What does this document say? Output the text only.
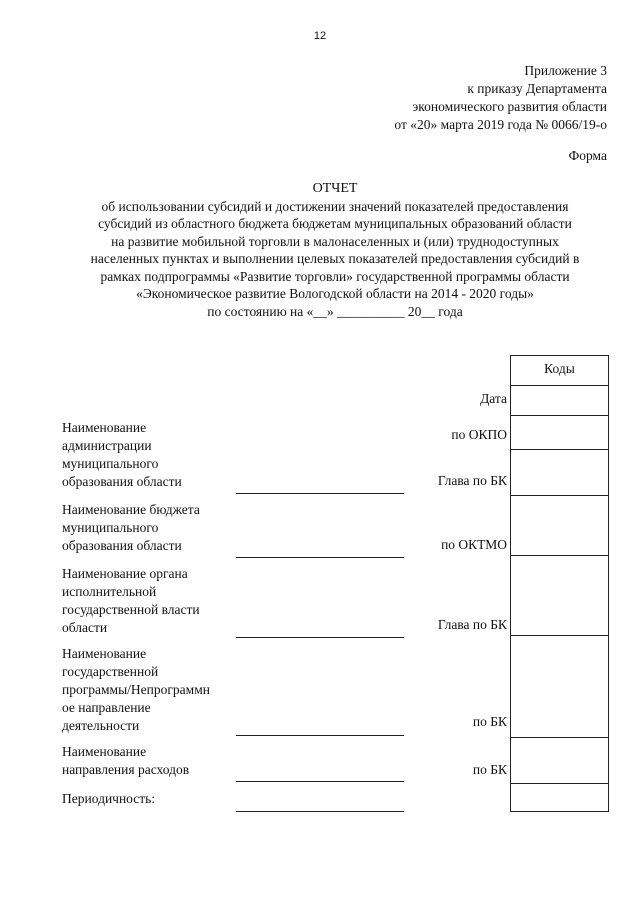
12
Приложение 3
к приказу Департамента
экономического развития области
от «20» марта 2019 года № 0066/19-о
Форма
ОТЧЕТ
об использовании субсидий и достижении значений показателей предоставления
субсидий из областного бюджета бюджетам муниципальных образований области
на развитие мобильной торговли в малонаселенных и (или) труднодоступных
населенных пунктах и выполнении целевых показателей предоставления субсидий в
рамках подпрограммы «Развитие торговли» государственной программы области
«Экономическое развитие Вологодской области на 2014 - 2020 годы»
по состоянию на «__» __________ 20__ года
Коды
Дата
по ОКПО
Глава по БК
по ОКТМО
Глава по БК
по БК
по БК
Наименование
администрации
муниципального
образования области
Наименование бюджета
муниципального
образования области
Наименование органа
исполнительной
государственной власти
области
Наименование
государственной
программы/Непрограммн
ое направление
деятельности
Наименование
направления расходов
Периодичность:
